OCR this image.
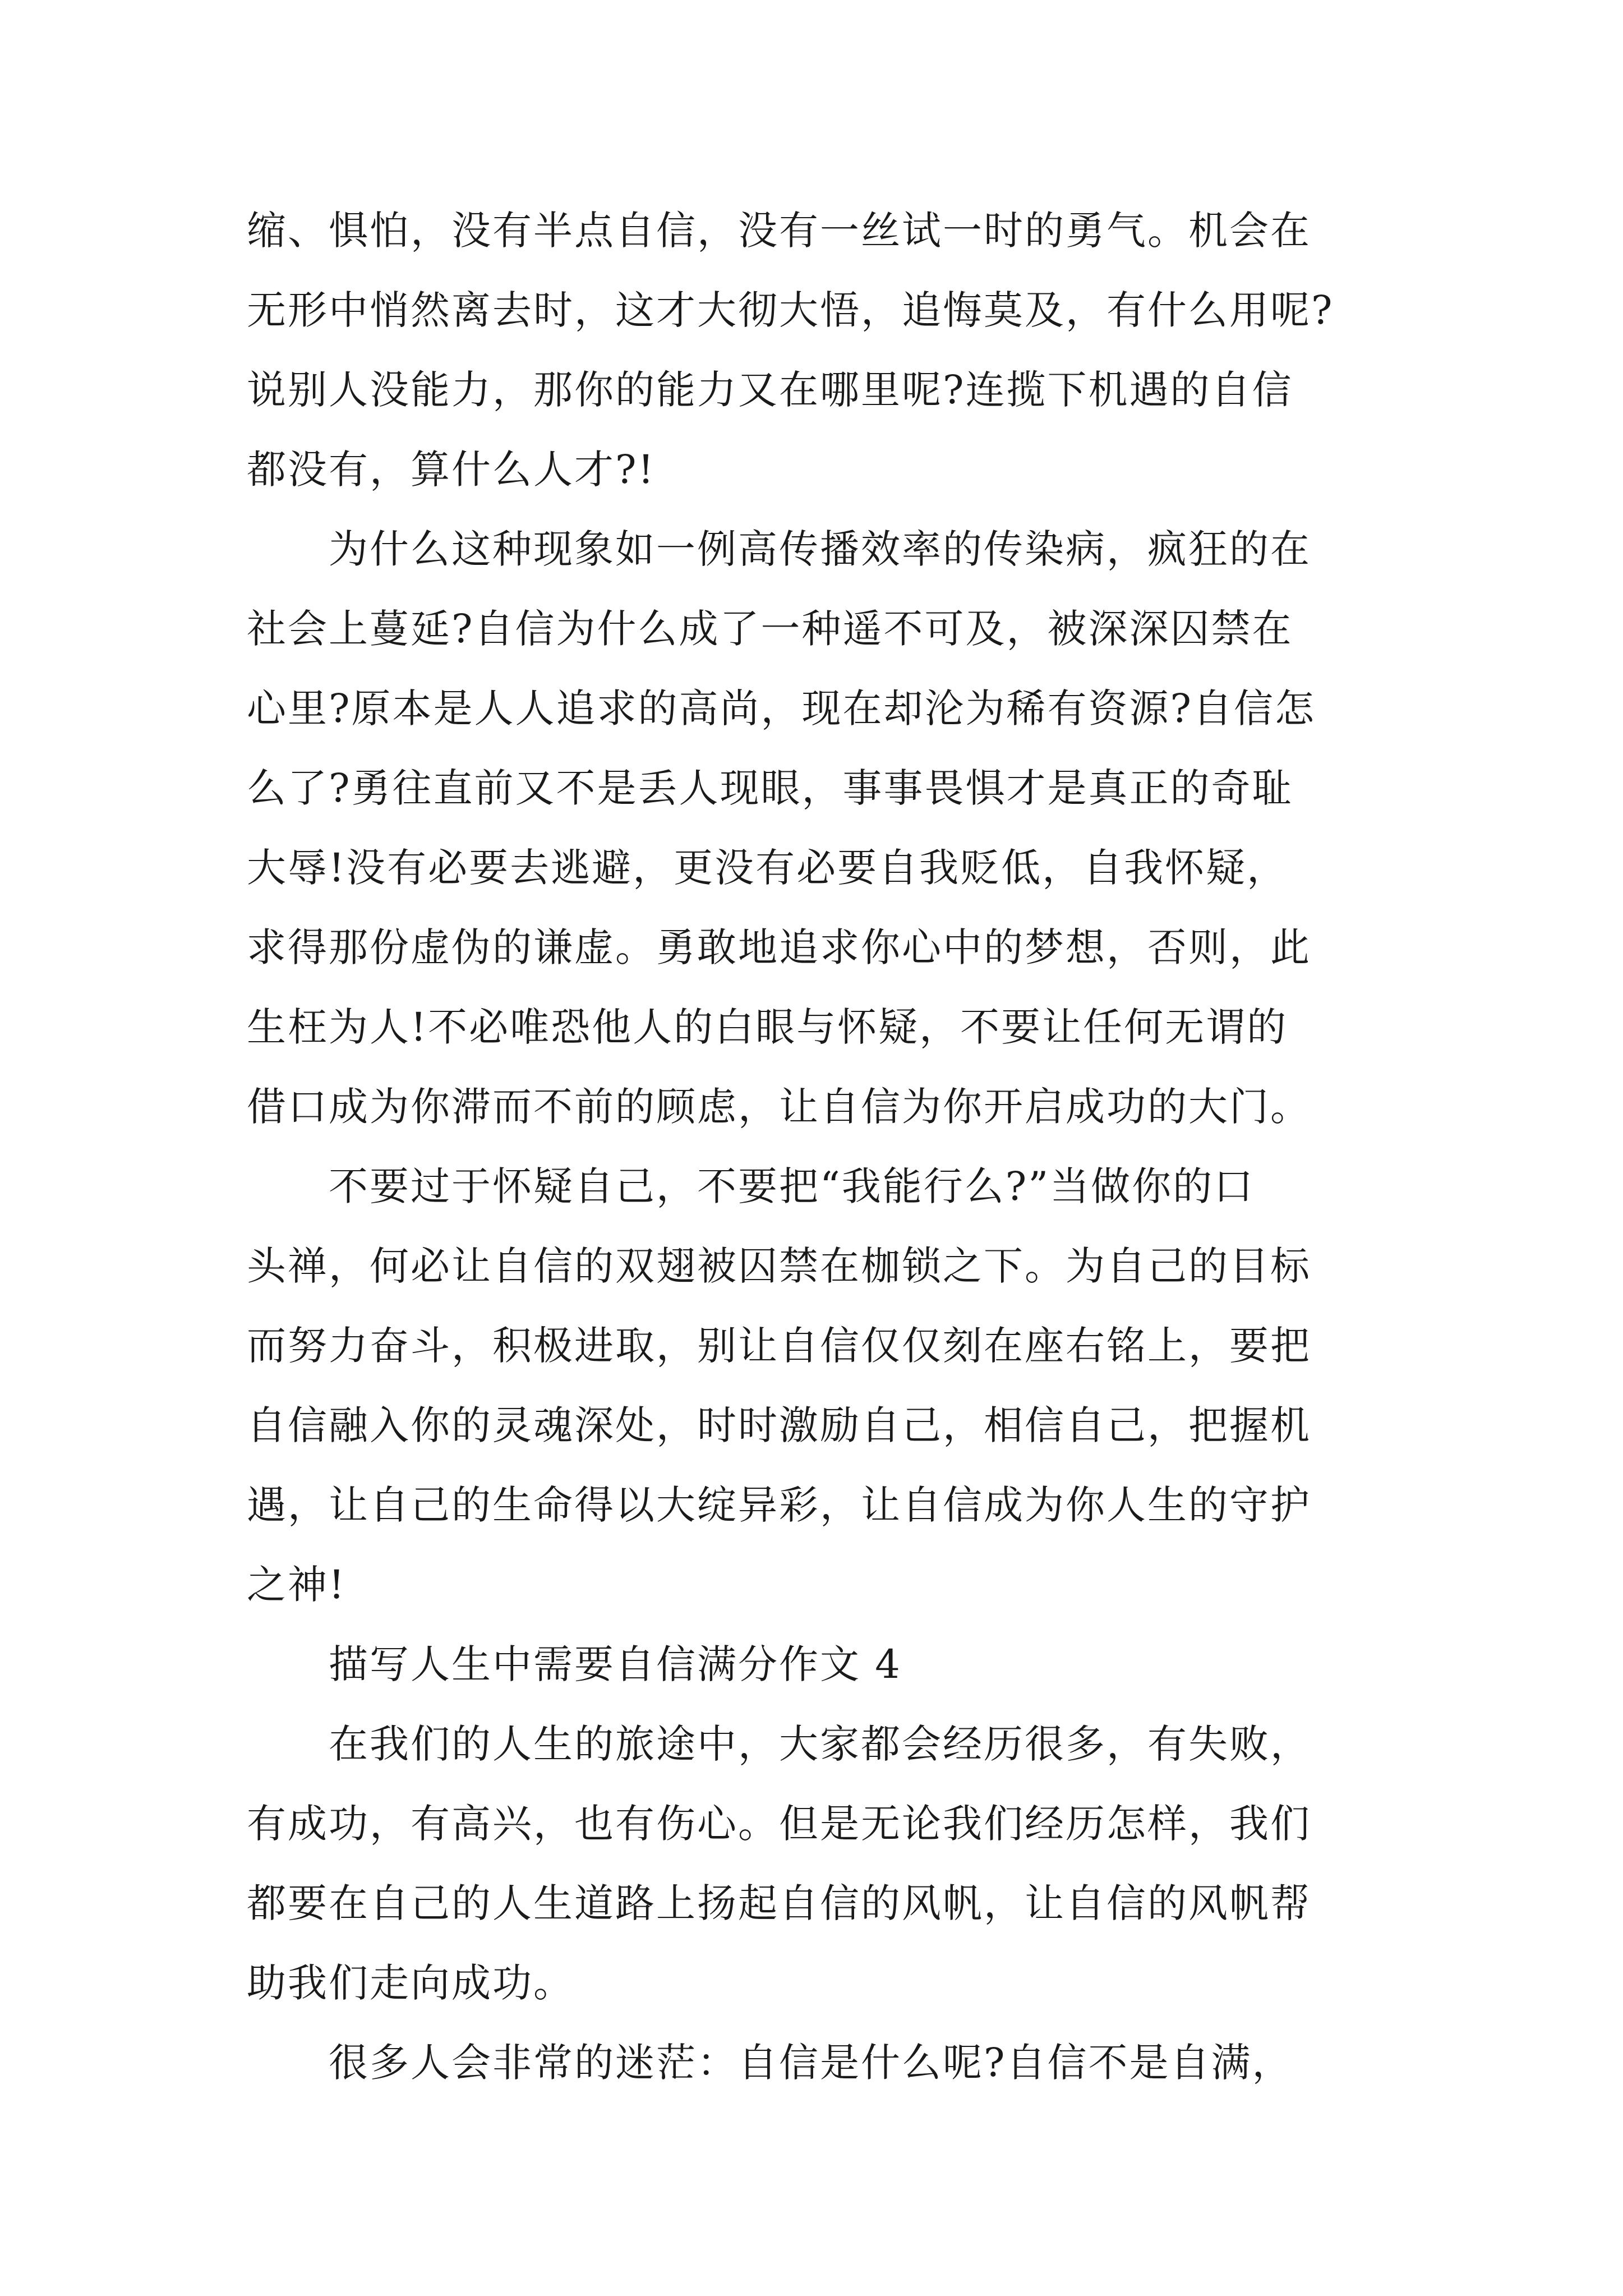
缩、惧怕，没有半点自信，没有一丝试一时的勇气。机会在
无形中悄然离去时，这才大彻大悟，追悔莫及，有什么用呢?
说别人没能力，那你的能力又在哪里呢?连揽下机遇的自信
都没有，算什么人才?!
　　为什么这种现象如一例高传播效率的传染病，疯狂的在
社会上蔓延?自信为什么成了一种遥不可及，被深深囚禁在
心里?原本是人人追求的高尚，现在却沦为稀有资源?自信怎
么了?勇往直前又不是丢人现眼，事事畏惧才是真正的奇耻
大辱!没有必要去逃避，更没有必要自我贬低，自我怀疑，
求得那份虚伪的谦虚。勇敢地追求你心中的梦想，否则，此
生枉为人!不必唯恐他人的白眼与怀疑，不要让任何无谓的
借口成为你滞而不前的顾虑，让自信为你开启成功的大门。
　　不要过于怀疑自己，不要把“我能行么?”当做你的口
头禅，何必让自信的双翅被囚禁在枷锁之下。为自己的目标
而努力奋斗，积极进取，别让自信仅仅刻在座右铭上，要把
自信融入你的灵魂深处，时时激励自己，相信自己，把握机
遇，让自己的生命得以大绽异彩，让自信成为你人生的守护
之神!
　　描写人生中需要自信满分作文 4
　　在我们的人生的旅途中，大家都会经历很多，有失败，
有成功，有高兴，也有伤心。但是无论我们经历怎样，我们
都要在自己的人生道路上扬起自信的风帆，让自信的风帆帮
助我们走向成功。
　　很多人会非常的迷茫：自信是什么呢?自信不是自满，
